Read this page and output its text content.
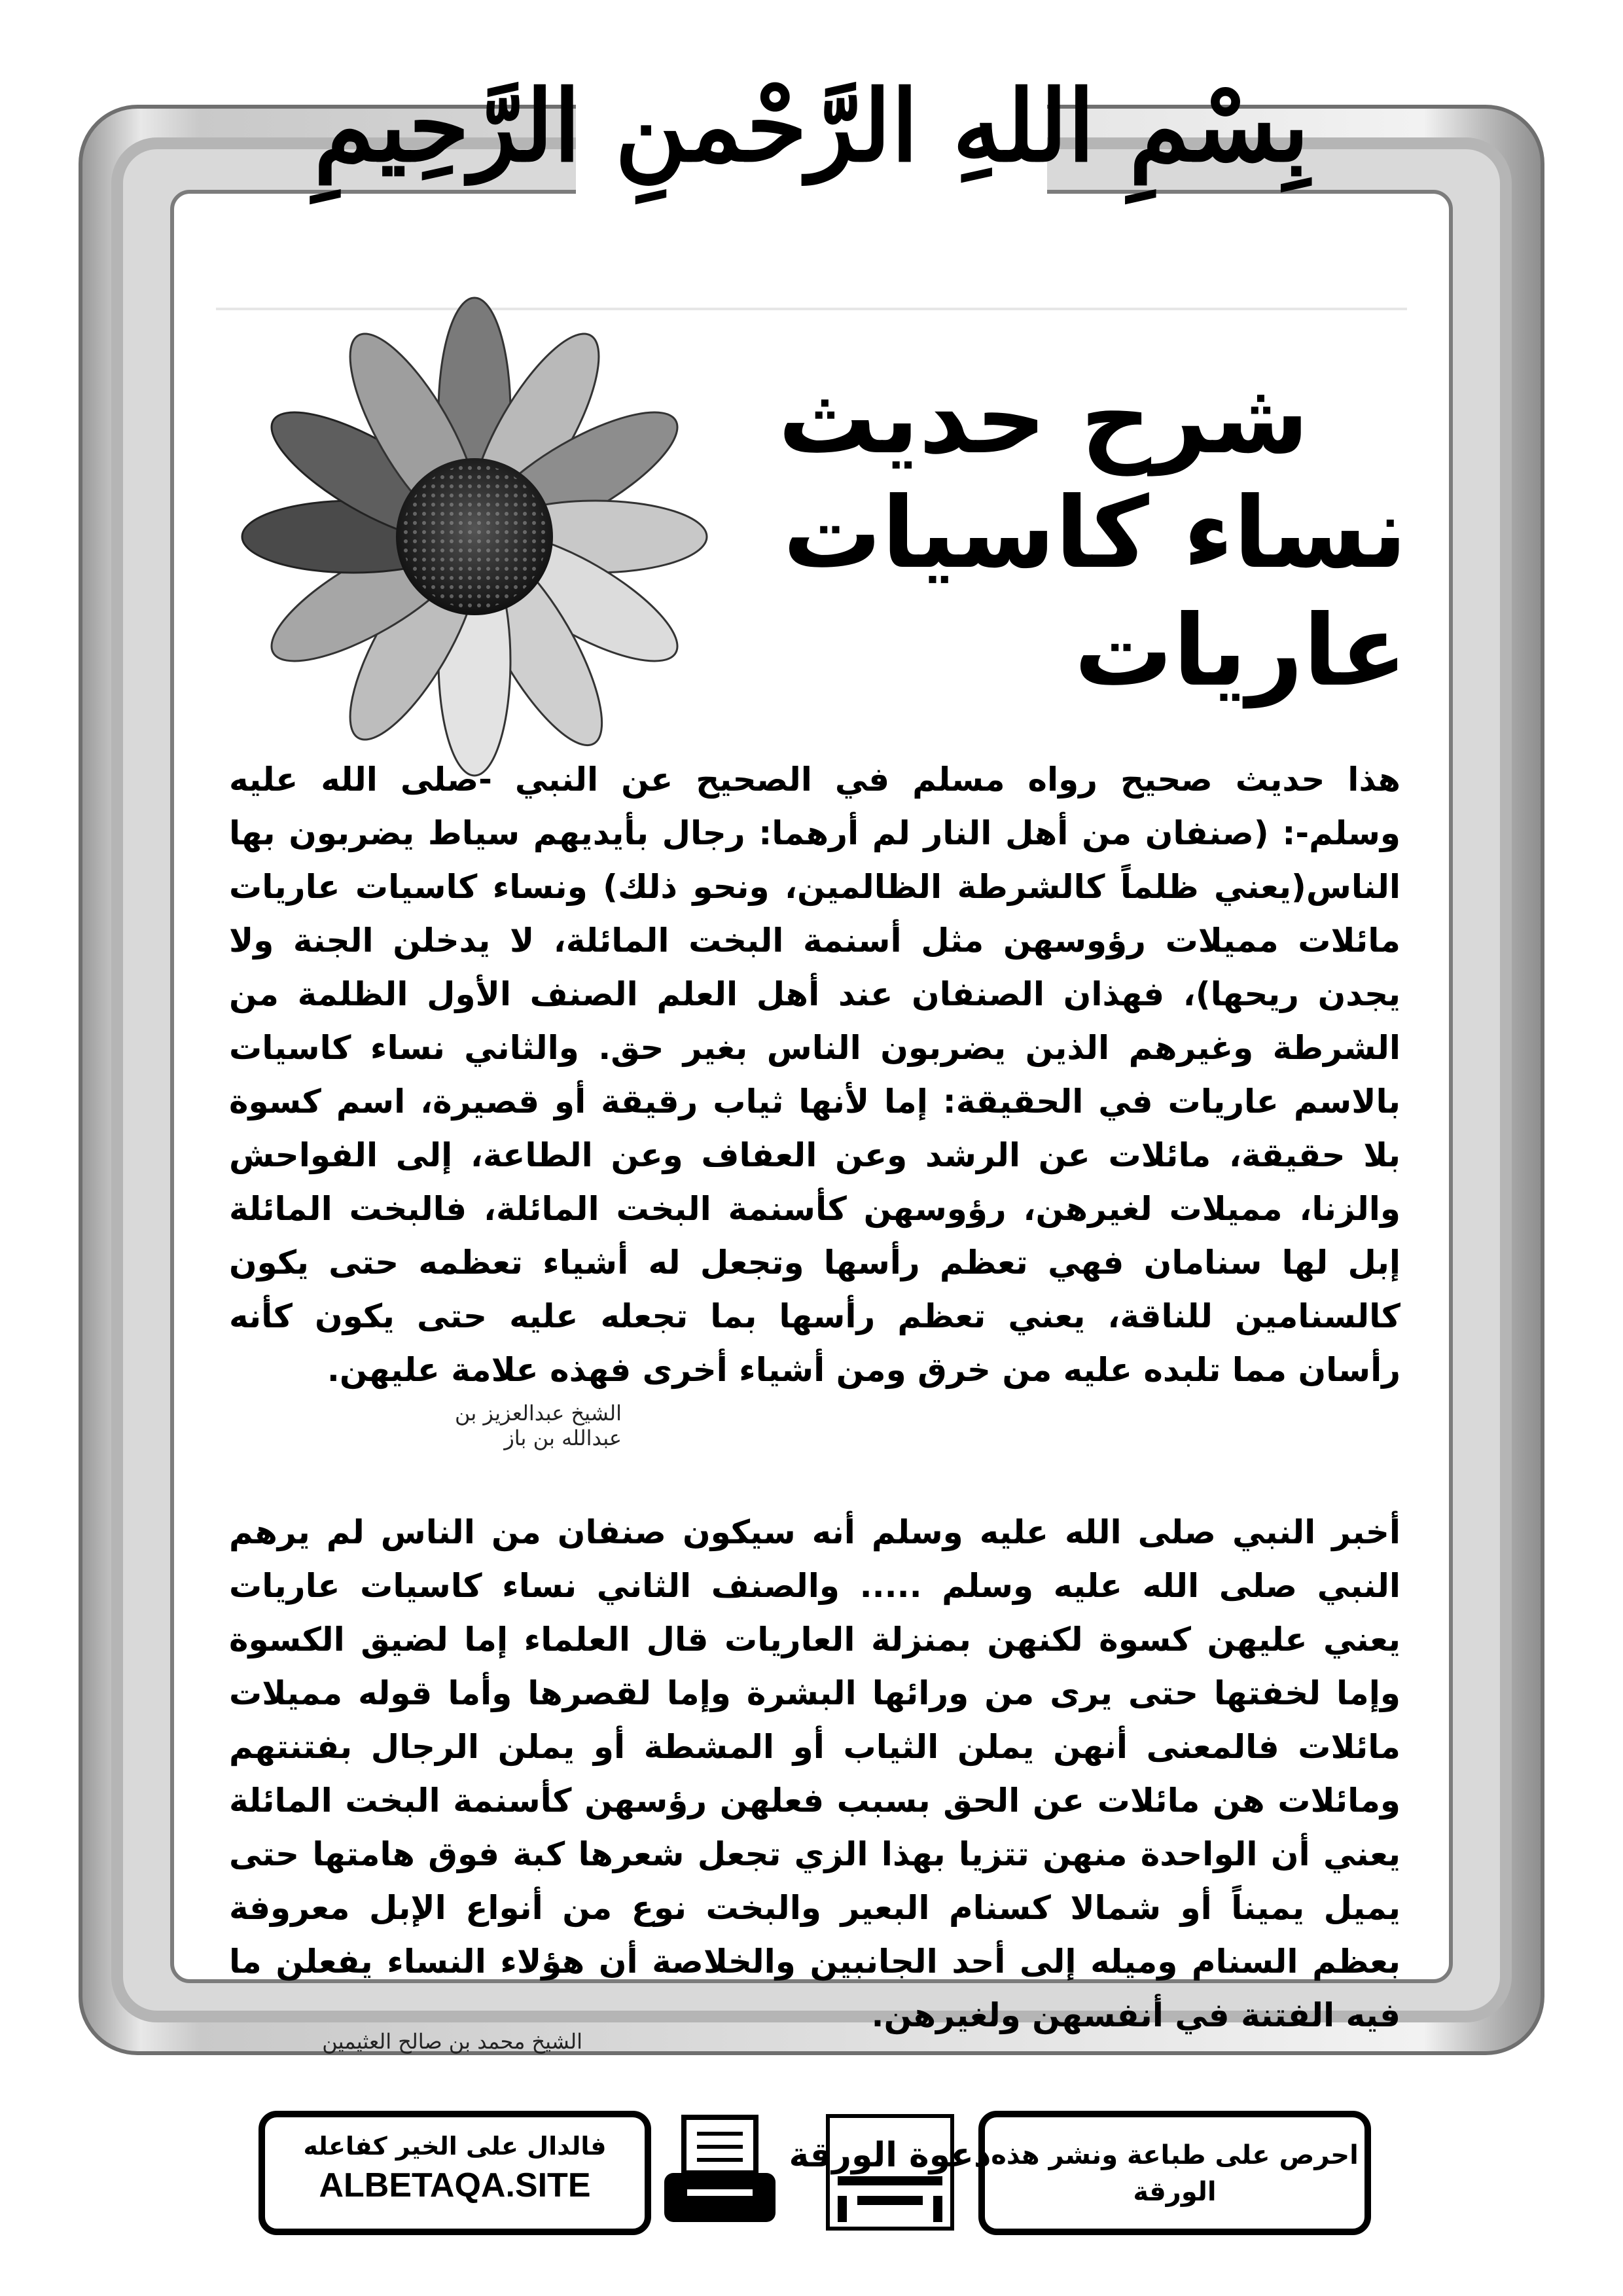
بِسْمِ اللهِ الرَّحْمنِ الرَّحِيمِ
شرح حديث
نساء كاسيات عاريات
هذا حديث صحيح رواه مسلم في الصحيح عن النبي -صلى الله عليه وسلم-: (صنفان من أهل النار لم أرهما: رجال بأيديهم سياط يضربون بها الناس(يعني ظلماً كالشرطة الظالمين، ونحو ذلك) ونساء كاسيات عاريات مائلات مميلات رؤوسهن مثل أسنمة البخت المائلة، لا يدخلن الجنة ولا يجدن ريحها)، فهذان الصنفان عند أهل العلم الصنف الأول الظلمة من الشرطة وغيرهم الذين يضربون الناس بغير حق. والثاني نساء كاسيات بالاسم عاريات في الحقيقة: إما لأنها ثياب رقيقة أو قصيرة، اسم كسوة بلا حقيقة، مائلات عن الرشد وعن العفاف وعن الطاعة، إلى الفواحش والزنا، مميلات لغيرهن، رؤوسهن كأسنمة البخت المائلة، فالبخت المائلة إبل لها سنامان فهي تعظم رأسها وتجعل له أشياء تعظمه حتى يكون كالسنامين للناقة، يعني تعظم رأسها بما تجعله عليه حتى يكون كأنه رأسان مما تلبده عليه من خرق ومن أشياء أخرى فهذه علامة عليهن.
الشيخ عبدالعزيز بن عبدالله بن باز
أخبر النبي صلى الله عليه وسلم أنه سيكون صنفان من الناس لم يرهم النبي صلى الله عليه وسلم ..... والصنف الثاني نساء كاسيات عاريات يعني عليهن كسوة لكنهن بمنزلة العاريات قال العلماء إما لضيق الكسوة وإما لخفتها حتى يرى من ورائها البشرة وإما لقصرها وأما قوله مميلات مائلات فالمعنى أنهن يملن الثياب أو المشطة أو يملن الرجال بفتنتهم ومائلات هن مائلات عن الحق بسبب فعلهن رؤسهن كأسنمة البخت المائلة يعني أن الواحدة منهن تتزيا بهذا الزي تجعل شعرها كبة فوق هامتها حتى يميل يميناً أو شمالا كسنام البعير والبخت نوع من أنواع الإبل معروفة بعظم السنام وميله إلى أحد الجانبين والخلاصة أن هؤلاء النساء يفعلن ما فيه الفتنة في أنفسهن ولغيرهن.
الشيخ محمد بن صالح العثيمين
احرص على طباعة ونشر هذه الورقة
دعوة الورقة
فالدال على الخير كفاعله
ALBETAQA.SITE
